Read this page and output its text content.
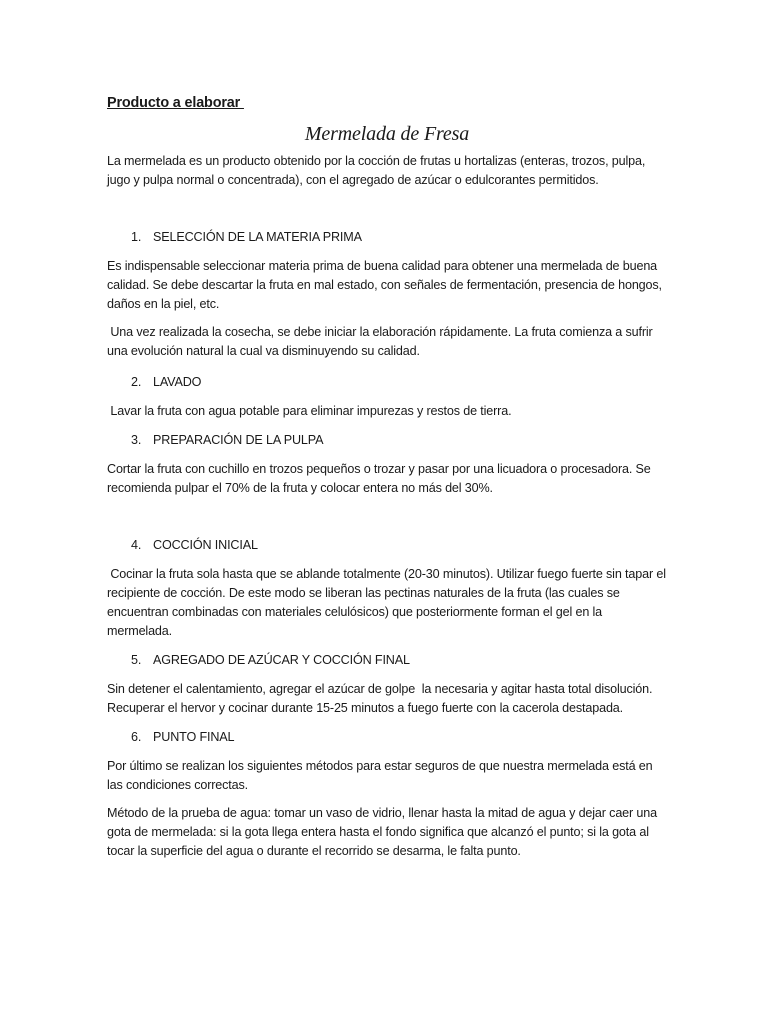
Producto a elaborar

Mermelada de Fresa

La mermelada es un producto obtenido por la cocción de frutas u hortalizas (enteras, trozos, pulpa, jugo y pulpa normal o concentrada), con el agregado de azúcar o edulcorantes permitidos.

1. SELECCIÓN DE LA MATERIA PRIMA

Es indispensable seleccionar materia prima de buena calidad para obtener una mermelada de buena calidad. Se debe descartar la fruta en mal estado, con señales de fermentación, presencia de hongos, daños en la piel, etc.

Una vez realizada la cosecha, se debe iniciar la elaboración rápidamente. La fruta comienza a sufrir una evolución natural la cual va disminuyendo su calidad.

2. LAVADO

Lavar la fruta con agua potable para eliminar impurezas y restos de tierra.

3. PREPARACIÓN DE LA PULPA

Cortar la fruta con cuchillo en trozos pequeños o trozar y pasar por una licuadora o procesadora. Se recomienda pulpar el 70% de la fruta y colocar entera no más del 30%.

4. COCCIÓN INICIAL

Cocinar la fruta sola hasta que se ablande totalmente (20-30 minutos). Utilizar fuego fuerte sin tapar el recipiente de cocción. De este modo se liberan las pectinas naturales de la fruta (las cuales se encuentran combinadas con materiales celulósicos) que posteriormente forman el gel en la mermelada.

5. AGREGADO DE AZÚCAR Y COCCIÓN FINAL

Sin detener el calentamiento, agregar el azúcar de golpe  la necesaria y agitar hasta total disolución. Recuperar el hervor y cocinar durante 15-25 minutos a fuego fuerte con la cacerola destapada.

6. PUNTO FINAL

Por último se realizan los siguientes métodos para estar seguros de que nuestra mermelada está en las condiciones correctas.

Método de la prueba de agua: tomar un vaso de vidrio, llenar hasta la mitad de agua y dejar caer una gota de mermelada: si la gota llega entera hasta el fondo significa que alcanzó el punto; si la gota al tocar la superficie del agua o durante el recorrido se desarma, le falta punto.
